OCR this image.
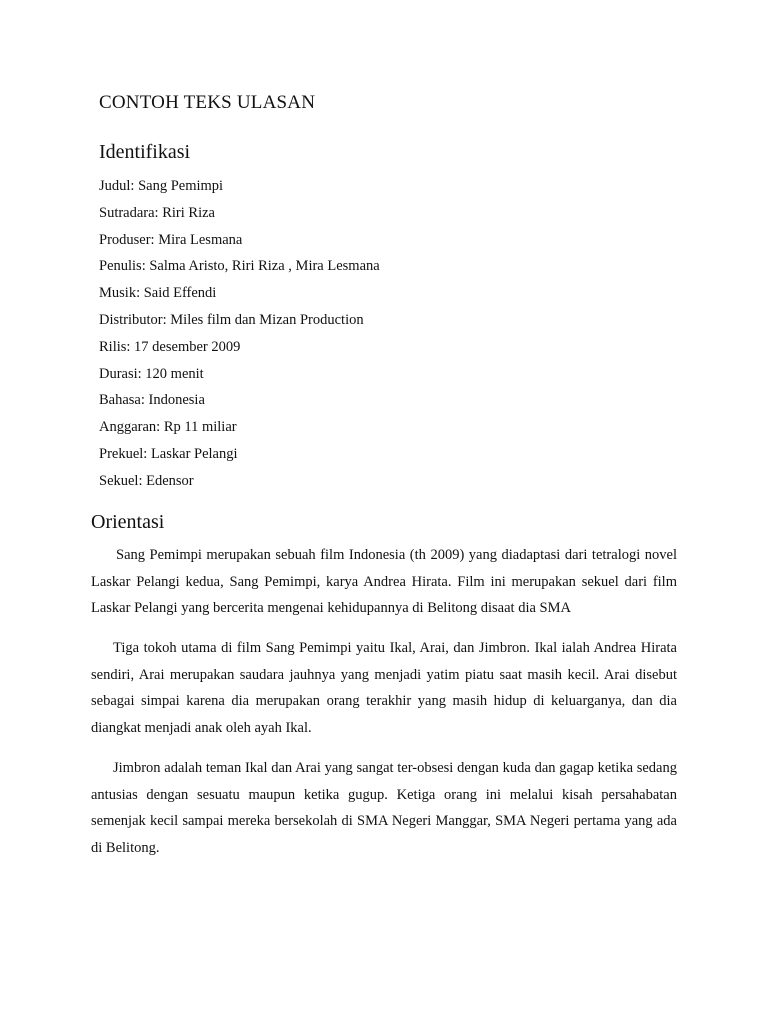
CONTOH TEKS ULASAN
Identifikasi
Judul: Sang Pemimpi
Sutradara: Riri Riza
Produser: Mira Lesmana
Penulis: Salma Aristo, Riri Riza , Mira Lesmana
Musik: Said Effendi
Distributor: Miles film dan Mizan Production
Rilis: 17 desember 2009
Durasi: 120 menit
Bahasa: Indonesia
Anggaran: Rp 11 miliar
Prekuel: Laskar Pelangi
Sekuel: Edensor
Orientasi

Sang Pemimpi merupakan sebuah film Indonesia (th 2009) yang diadaptasi dari tetralogi novel Laskar Pelangi kedua, Sang Pemimpi, karya Andrea Hirata. Film ini merupakan sekuel dari film Laskar Pelangi yang bercerita mengenai kehidupannya di Belitong disaat dia SMA

Tiga tokoh utama di film Sang Pemimpi yaitu Ikal, Arai, dan Jimbron. Ikal ialah Andrea Hirata sendiri, Arai merupakan saudara jauhnya yang menjadi yatim piatu saat masih kecil. Arai disebut sebagai simpai karena dia merupakan orang terakhir yang masih hidup di keluarganya, dan dia diangkat menjadi anak oleh ayah Ikal.

Jimbron adalah teman Ikal dan Arai yang sangat ter-obsesi dengan kuda dan gagap ketika sedang antusias dengan sesuatu maupun ketika gugup. Ketiga orang ini melalui kisah persahabatan semenjak kecil sampai mereka bersekolah di SMA Negeri Manggar, SMA Negeri pertama yang ada di Belitong.
